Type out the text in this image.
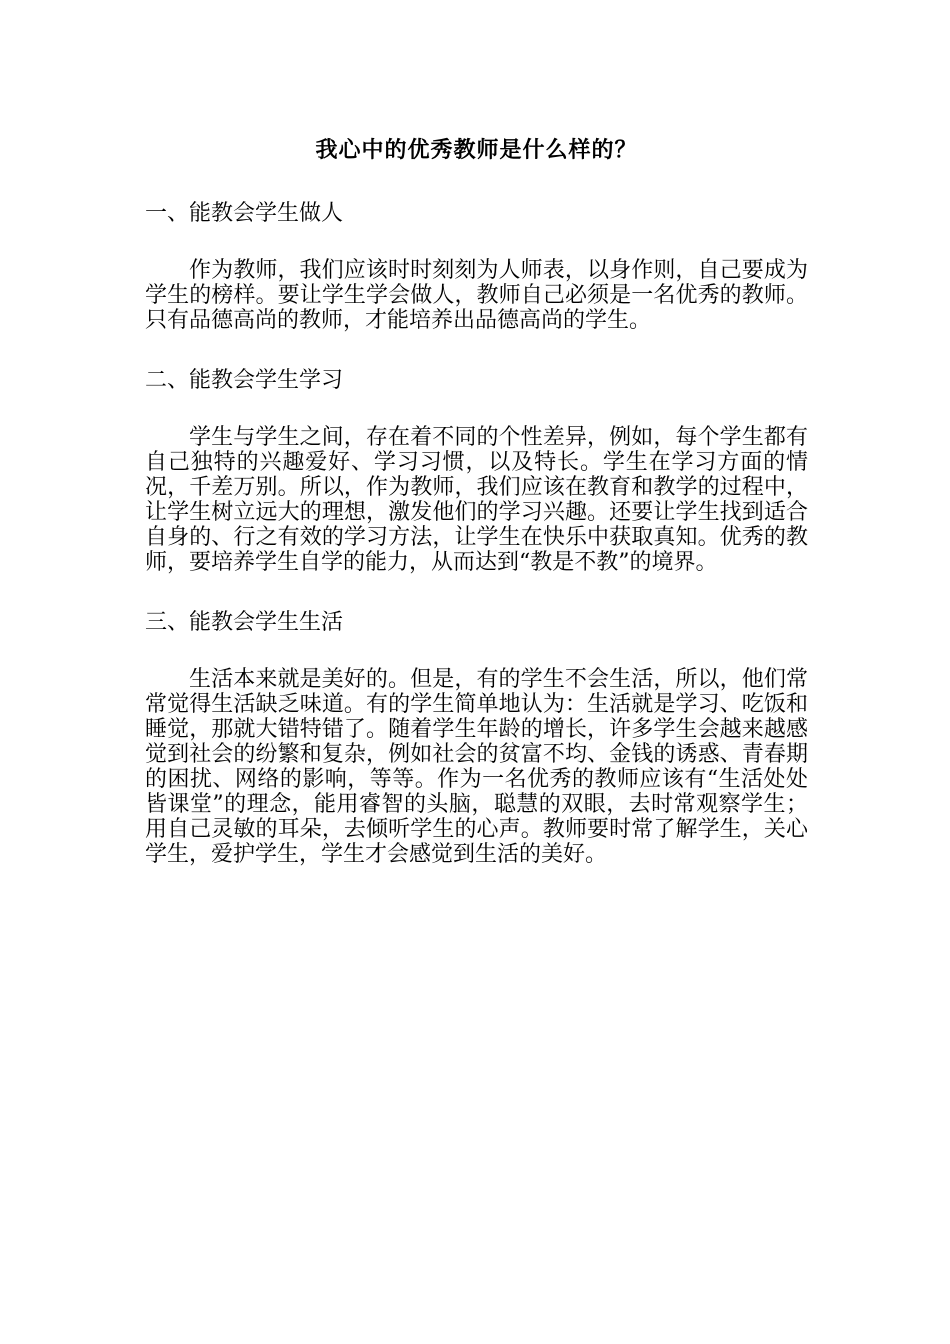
我心中的优秀教师是什么样的？
一、能教会学生做人

作为教师，我们应该时时刻刻为人师表，以身作则，自己要成为学生的榜样。要让学生学会做人，教师自己必须是一名优秀的教师。只有品德高尚的教师，才能培养出品德高尚的学生。

二、能教会学生学习

学生与学生之间，存在着不同的个性差异，例如，每个学生都有自己独特的兴趣爱好、学习习惯，以及特长。学生在学习方面的情况，千差万别。所以，作为教师，我们应该在教育和教学的过程中，让学生树立远大的理想，激发他们的学习兴趣。还要让学生找到适合自身的、行之有效的学习方法，让学生在快乐中获取真知。优秀的教师，要培养学生自学的能力，从而达到“教是不教”的境界。

三、能教会学生生活

生活本来就是美好的。但是，有的学生不会生活，所以，他们常常觉得生活缺乏味道。有的学生简单地认为：生活就是学习、吃饭和睡觉，那就大错特错了。随着学生年龄的增长，许多学生会越来越感觉到社会的纷繁和复杂，例如社会的贫富不均、金钱的诱惑、青春期的困扰、网络的影响，等等。作为一名优秀的教师应该有“生活处处皆课堂”的理念，能用睿智的头脑，聪慧的双眼，去时常观察学生；用自己灵敏的耳朵，去倾听学生的心声。教师要时常了解学生，关心学生，爱护学生，学生才会感觉到生活的美好。
